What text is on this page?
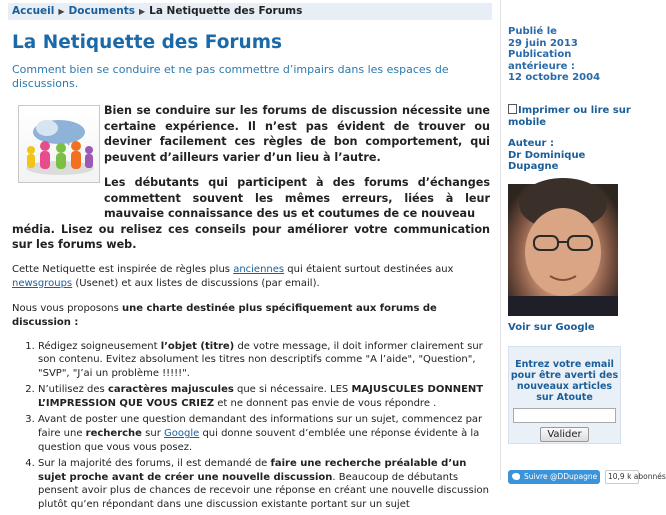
Accueil ▶ Documents ▶ La Netiquette des Forums
La Netiquette des Forums

Comment bien se conduire et ne pas commettre d’impairs dans les espaces de discussions.

Bien se conduire sur les forums de discussion nécessite une certaine expérience. Il n’est pas évident de trouver ou deviner facilement ces règles de bon comportement, qui peuvent d’ailleurs varier d’un lieu à l’autre.

Les débutants qui participent à des forums d’échanges commettent souvent les mêmes erreurs, liées à leur mauvaise connaissance des us et coutumes de ce nouveau
média. Lisez ou relisez ces conseils pour améliorer votre communication sur les forums web.

Cette Netiquette est inspirée de règles plus anciennes qui étaient surtout destinées aux newsgroups (Usenet) et aux listes de discussions (par email).

Nous vous proposons une charte destinée plus spécifiquement aux forums de discussion :

1. Rédigez soigneusement l’objet (titre) de votre message, il doit informer clairement sur son contenu. Evitez absolument les titres non descriptifs comme "A l’aide", "Question", "SVP", "J’ai un problème !!!!!".
2. N’utilisez des caractères majuscules que si nécessaire. LES MAJUSCULES DONNENT L’IMPRESSION QUE VOUS CRIEZ et ne donnent pas envie de vous répondre .
3. Avant de poster une question demandant des informations sur un sujet, commencez par faire une recherche sur Google qui donne souvent d’emblée une réponse évidente à la question que vous vous posez.
4. Sur la majorité des forums, il est demandé de faire une recherche préalable d’un sujet proche avant de créer une nouvelle discussion. Beaucoup de débutants pensent avoir plus de chances de recevoir une réponse en créant une nouvelle discussion plutôt qu’en répondant dans une discussion existante portant sur un sujet
Publié le
29 juin 2013
Publication
antérieure :
12 octobre 2004
Imprimer ou lire sur mobile
Auteur :
Dr Dominique
Dupagne
Voir sur Google
Entrez votre email pour être averti des nouveaux articles sur Atoute
Valider
Suivre @DDupagne	10,9 k abonnés
